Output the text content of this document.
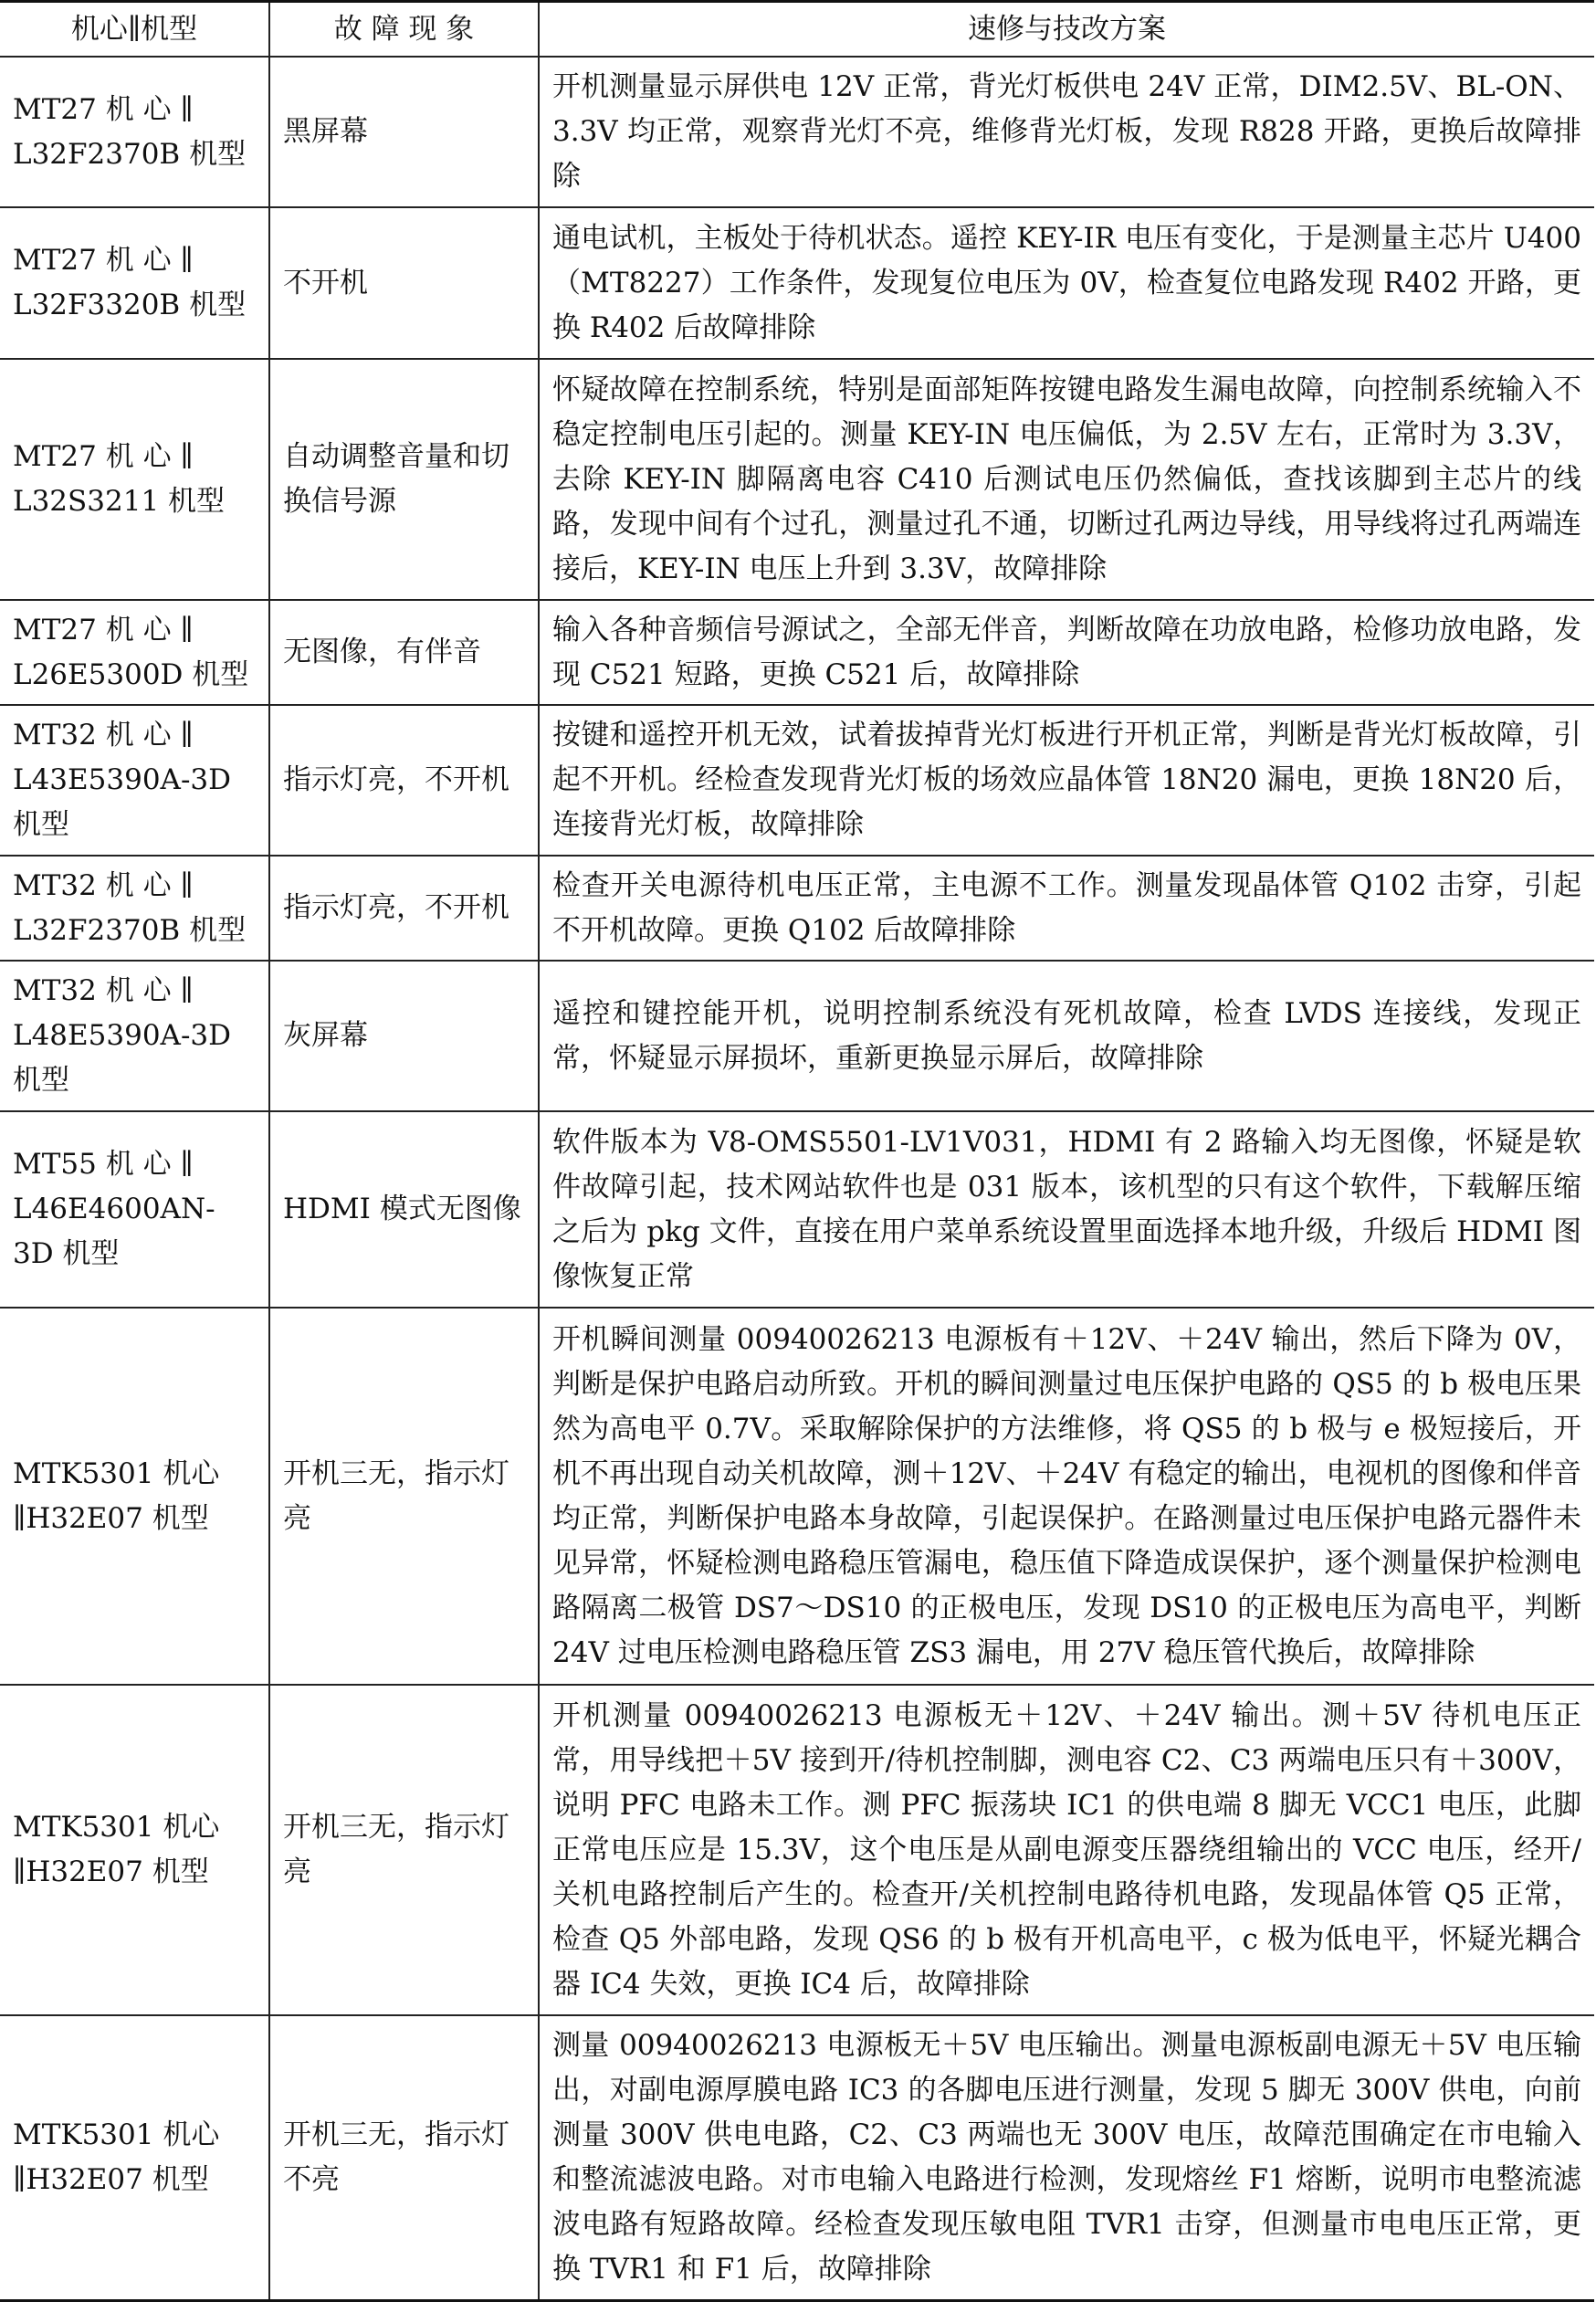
机心∥机型	故 障 现 象	速修与技改方案
MT27 机 心 ∥ L32F2370B 机型	黑屏幕	开机测量显示屏供电 12V 正常，背光灯板供电 24V 正常，DIM2.5V、BL-ON、3.3V 均正常，观察背光灯不亮，维修背光灯板，发现 R828 开路，更换后故障排除
MT27 机 心 ∥ L32F3320B 机型	不开机	通电试机，主板处于待机状态。遥控 KEY-IR 电压有变化，于是测量主芯片 U400（MT8227）工作条件，发现复位电压为 0V，检查复位电路发现 R402 开路，更换 R402 后故障排除
MT27 机 心 ∥ L32S3211 机型	自动调整音量和切换信号源	怀疑故障在控制系统，特别是面部矩阵按键电路发生漏电故障，向控制系统输入不稳定控制电压引起的。测量 KEY-IN 电压偏低，为 2.5V 左右，正常时为 3.3V，去除 KEY-IN 脚隔离电容 C410 后测试电压仍然偏低，查找该脚到主芯片的线路，发现中间有个过孔，测量过孔不通，切断过孔两边导线，用导线将过孔两端连接后，KEY-IN 电压上升到 3.3V，故障排除
MT27 机 心 ∥ L26E5300D 机型	无图像，有伴音	输入各种音频信号源试之，全部无伴音，判断故障在功放电路，检修功放电路，发现 C521 短路，更换 C521 后，故障排除
MT32 机 心 ∥ L43E5390A-3D 机型	指示灯亮，不开机	按键和遥控开机无效，试着拔掉背光灯板进行开机正常，判断是背光灯板故障，引起不开机。经检查发现背光灯板的场效应晶体管 18N20 漏电，更换 18N20 后，连接背光灯板，故障排除
MT32 机 心 ∥ L32F2370B 机型	指示灯亮，不开机	检查开关电源待机电压正常，主电源不工作。测量发现晶体管 Q102 击穿，引起不开机故障。更换 Q102 后故障排除
MT32 机 心 ∥ L48E5390A-3D 机型	灰屏幕	遥控和键控能开机，说明控制系统没有死机故障，检查 LVDS 连接线，发现正常，怀疑显示屏损坏，重新更换显示屏后，故障排除
MT55 机 心 ∥ L46E4600AN-3D 机型	HDMI 模式无图像	软件版本为 V8-OMS5501-LV1V031，HDMI 有 2 路输入均无图像，怀疑是软件故障引起，技术网站软件也是 031 版本，该机型的只有这个软件，下载解压缩之后为 pkg 文件，直接在用户菜单系统设置里面选择本地升级，升级后 HDMI 图像恢复正常
MTK5301 机心 ∥H32E07 机型	开机三无，指示灯亮	开机瞬间测量 00940026213 电源板有＋12V、＋24V 输出，然后下降为 0V，判断是保护电路启动所致。开机的瞬间测量过电压保护电路的 QS5 的 b 极电压果然为高电平 0.7V。采取解除保护的方法维修，将 QS5 的 b 极与 e 极短接后，开机不再出现自动关机故障，测＋12V、＋24V 有稳定的输出，电视机的图像和伴音均正常，判断保护电路本身故障，引起误保护。在路测量过电压保护电路元器件未见异常，怀疑检测电路稳压管漏电，稳压值下降造成误保护，逐个测量保护检测电路隔离二极管 DS7～DS10 的正极电压，发现 DS10 的正极电压为高电平，判断 24V 过电压检测电路稳压管 ZS3 漏电，用 27V 稳压管代换后，故障排除
MTK5301 机心 ∥H32E07 机型	开机三无，指示灯亮	开机测量 00940026213 电源板无＋12V、＋24V 输出。测＋5V 待机电压正常，用导线把＋5V 接到开/待机控制脚，测电容 C2、C3 两端电压只有＋300V，说明 PFC 电路未工作。测 PFC 振荡块 IC1 的供电端 8 脚无 VCC1 电压，此脚正常电压应是 15.3V，这个电压是从副电源变压器绕组输出的 VCC 电压，经开/关机电路控制后产生的。检查开/关机控制电路待机电路，发现晶体管 Q5 正常，检查 Q5 外部电路，发现 QS6 的 b 极有开机高电平，c 极为低电平，怀疑光耦合器 IC4 失效，更换 IC4 后，故障排除
MTK5301 机心 ∥H32E07 机型	开机三无，指示灯不亮	测量 00940026213 电源板无＋5V 电压输出。测量电源板副电源无＋5V 电压输出，对副电源厚膜电路 IC3 的各脚电压进行测量，发现 5 脚无 300V 供电，向前测量 300V 供电电路，C2、C3 两端也无 300V 电压，故障范围确定在市电输入和整流滤波电路。对市电输入电路进行检测，发现熔丝 F1 熔断，说明市电整流滤波电路有短路故障。经检查发现压敏电阻 TVR1 击穿，但测量市电电压正常，更换 TVR1 和 F1 后，故障排除
